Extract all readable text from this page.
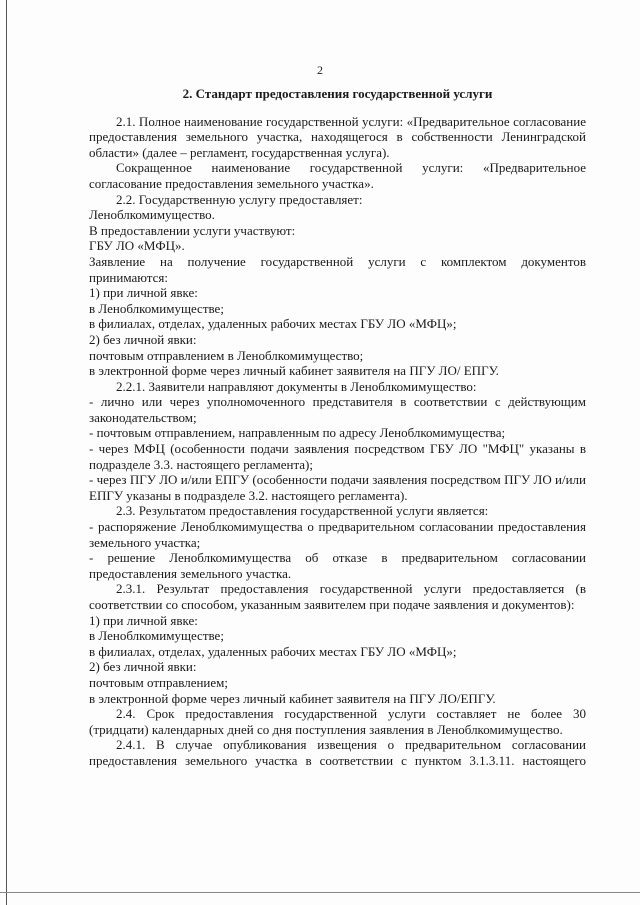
2
2. Стандарт предоставления государственной услуги
2.1. Полное наименование государственной услуги: «Предварительное согласование предоставления земельного участка, находящегося в собственности Ленинградской области» (далее – регламент, государственная услуга).
Сокращенное наименование государственной услуги: «Предварительное согласование предоставления земельного участка».
2.2. Государственную услугу предоставляет:
Леноблкомимущество.
В предоставлении услуги участвуют:
ГБУ ЛО «МФЦ».
Заявление на получение государственной услуги с комплектом документов принимаются:
1) при личной явке:
в Леноблкомимуществе;
в филиалах, отделах, удаленных рабочих местах ГБУ ЛО «МФЦ»;
2) без личной явки:
почтовым отправлением в Леноблкомимущество;
в электронной форме через личный кабинет заявителя на ПГУ ЛО/ ЕПГУ.
2.2.1. Заявители направляют документы в Леноблкомимущество:
- лично или через уполномоченного представителя в соответствии с действующим законодательством;
- почтовым отправлением, направленным по адресу Леноблкомимущества;
- через МФЦ (особенности подачи заявления посредством ГБУ ЛО "МФЦ" указаны в подразделе 3.3. настоящего регламента);
- через ПГУ ЛО и/или ЕПГУ (особенности подачи заявления посредством ПГУ ЛО и/или ЕПГУ указаны в подразделе 3.2. настоящего регламента).
2.3. Результатом предоставления государственной услуги является:
- распоряжение Леноблкомимущества о предварительном согласовании предоставления земельного участка;
- решение Леноблкомимущества об отказе в предварительном согласовании предоставления земельного участка.
2.3.1. Результат предоставления государственной услуги предоставляется (в соответствии со способом, указанным заявителем при подаче заявления и документов):
1) при личной явке:
в Леноблкомимуществе;
в филиалах, отделах, удаленных рабочих местах ГБУ ЛО «МФЦ»;
2) без личной явки:
почтовым отправлением;
в электронной форме через личный кабинет заявителя на ПГУ ЛО/ЕПГУ.
2.4. Срок предоставления государственной услуги составляет не более 30 (тридцати) календарных дней со дня поступления заявления в Леноблкомимущество.
2.4.1. В случае опубликования извещения о предварительном согласовании предоставления земельного участка в соответствии с пунктом 3.1.3.11. настоящего
